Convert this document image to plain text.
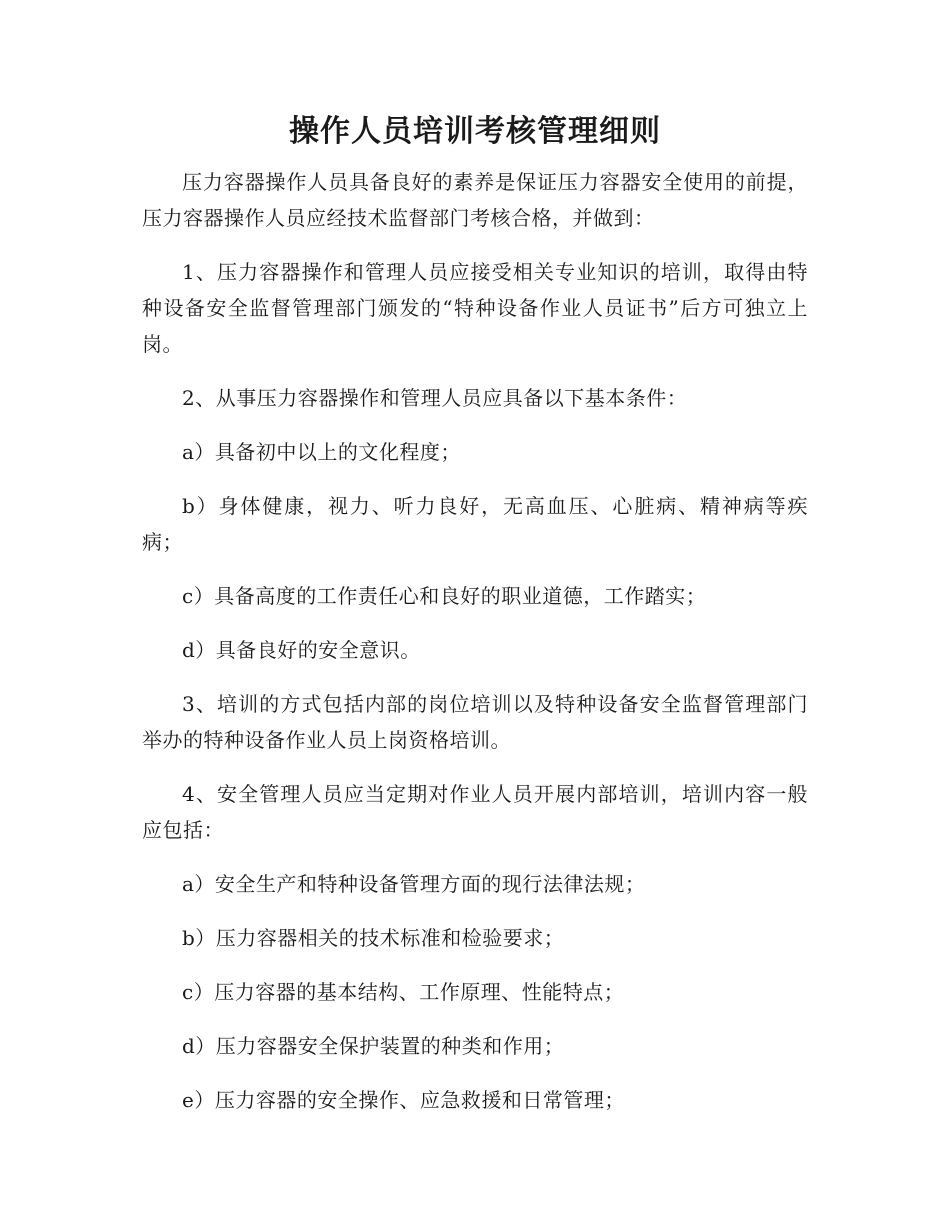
操作人员培训考核管理细则

压力容器操作人员具备良好的素养是保证压力容器安全使用的前提，压力容器操作人员应经技术监督部门考核合格，并做到：

1、压力容器操作和管理人员应接受相关专业知识的培训，取得由特种设备安全监督管理部门颁发的“特种设备作业人员证书”后方可独立上岗。

2、从事压力容器操作和管理人员应具备以下基本条件：

a）具备初中以上的文化程度；

b）身体健康，视力、听力良好，无高血压、心脏病、精神病等疾病；

c）具备高度的工作责任心和良好的职业道德，工作踏实；

d）具备良好的安全意识。

3、培训的方式包括内部的岗位培训以及特种设备安全监督管理部门举办的特种设备作业人员上岗资格培训。

4、安全管理人员应当定期对作业人员开展内部培训，培训内容一般应包括：

a）安全生产和特种设备管理方面的现行法律法规；

b）压力容器相关的技术标准和检验要求；

c）压力容器的基本结构、工作原理、性能特点；

d）压力容器安全保护装置的种类和作用；

e）压力容器的安全操作、应急救援和日常管理；
